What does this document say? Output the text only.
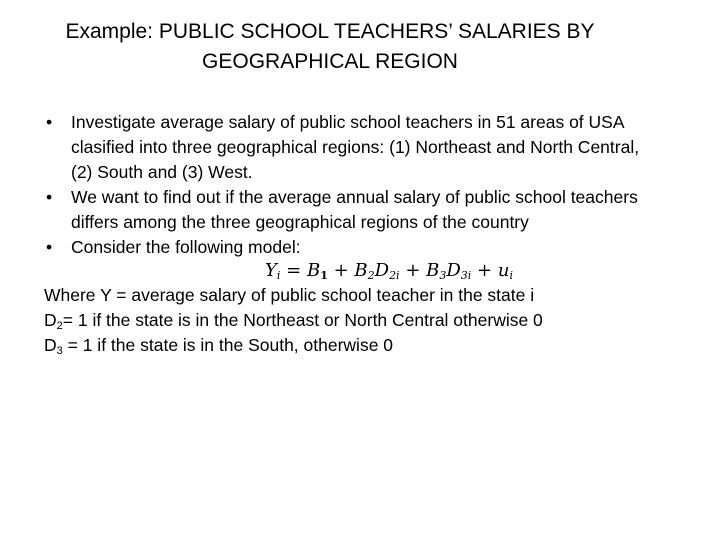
Example: PUBLIC SCHOOL TEACHERS’ SALARIES BY
GEOGRAPHICAL REGION
• Investigate average salary of public school teachers in 51 areas of USA clasified into three geographical regions: (1) Northeast and North Central, (2) South and (3) West.
• We want to find out if the average annual salary of public school teachers differs among the three geographical regions of the country
• Consider the following model:
$Y_i = B_1 + B_2D_{2i} + B_3D_{3i} + u_i$
Where Y = average salary of public school teacher in the state i
$D_2= 1$ if the state is in the Northeast or North Central otherwise 0
$D_3 = 1$ if the state is in the South, otherwise 0
